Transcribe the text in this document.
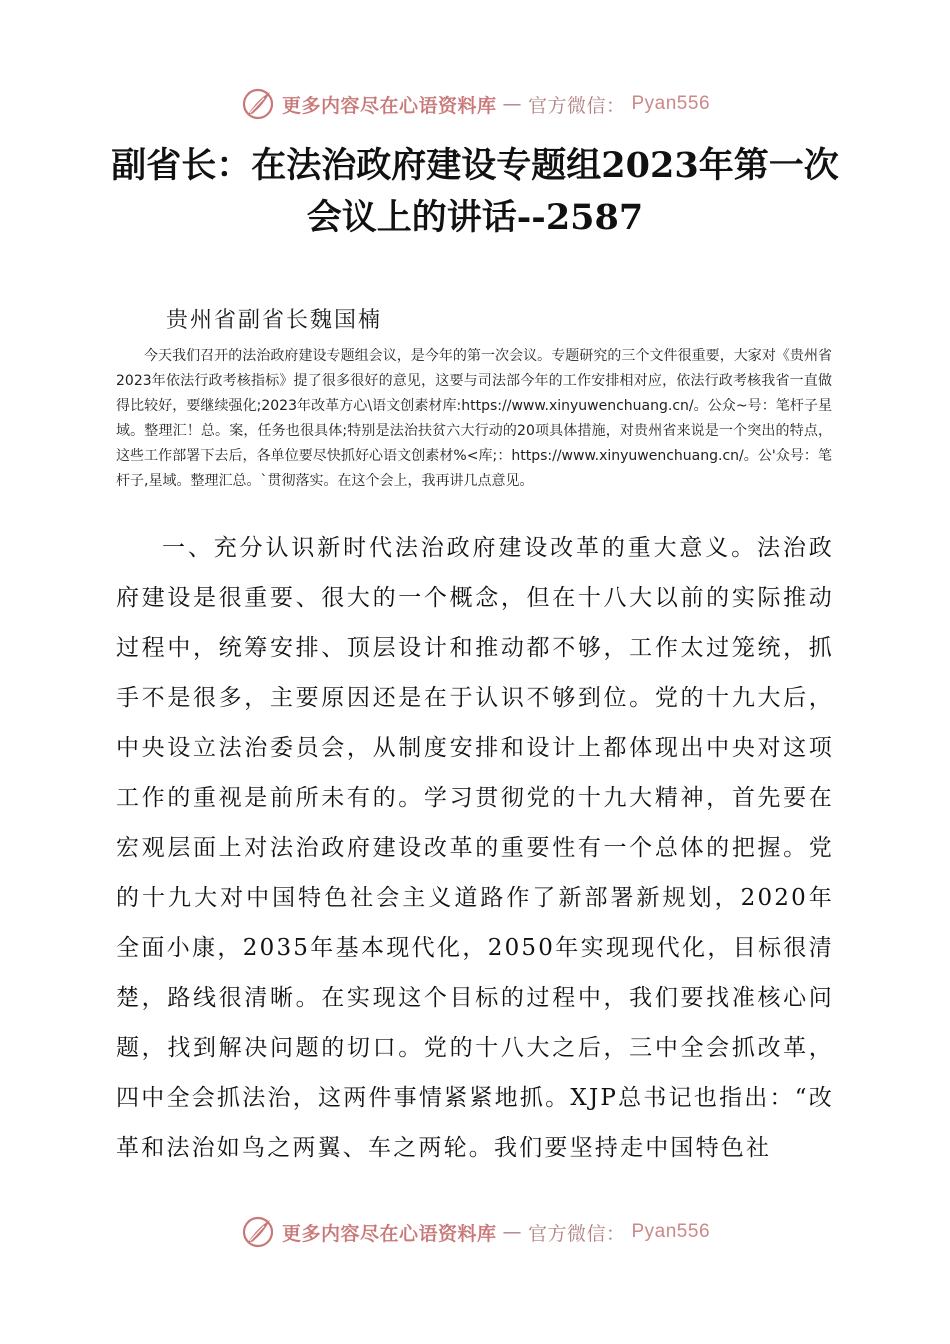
更多内容尽在心语资料库 — 官方微信： Pyan556
副省长：在法治政府建设专题组2023年第一次会议上的讲话--2587

贵州省副省长魏国楠

今天我们召开的法治政府建设专题组会议，是今年的第一次会议。专题研究的三个文件很重要，大家对《贵州省2023年依法行政考核指标》提了很多很好的意见，这要与司法部今年的工作安排相对应，依法行政考核我省一直做得比较好，要继续强化;2023年改革方心\语文创素材库:https://www.xinyuwenchuang.cn/。公众~号：笔杆子星域。整理汇！总。案，任务也很具体;特别是法治扶贫六大行动的20项具体措施，对贵州省来说是一个突出的特点，这些工作部署下去后，各单位要尽快抓好心语文创素材%<库;：https://www.xinyuwenchuang.cn/。公'众号：笔杆子,星域。整理汇总。`贯彻落实。在这个会上，我再讲几点意见。

一、充分认识新时代法治政府建设改革的重大意义。法治政府建设是很重要、很大的一个概念，但在十八大以前的实际推动过程中，统筹安排、顶层设计和推动都不够，工作太过笼统，抓手不是很多，主要原因还是在于认识不够到位。党的十九大后，中央设立法治委员会，从制度安排和设计上都体现出中央对这项工作的重视是前所未有的。学习贯彻党的十九大精神，首先要在宏观层面上对法治政府建设改革的重要性有一个总体的把握。党的十九大对中国特色社会主义道路作了新部署新规划，2020年全面小康，2035年基本现代化，2050年实现现代化，目标很清楚，路线很清晰。在实现这个目标的过程中，我们要找准核心问题，找到解决问题的切口。党的十八大之后，三中全会抓改革，四中全会抓法治，这两件事情紧紧地抓。XJP总书记也指出：“改革和法治如鸟之两翼、车之两轮。我们要坚持走中国特色社

更多内容尽在心语资料库 — 官方微信： Pyan556
